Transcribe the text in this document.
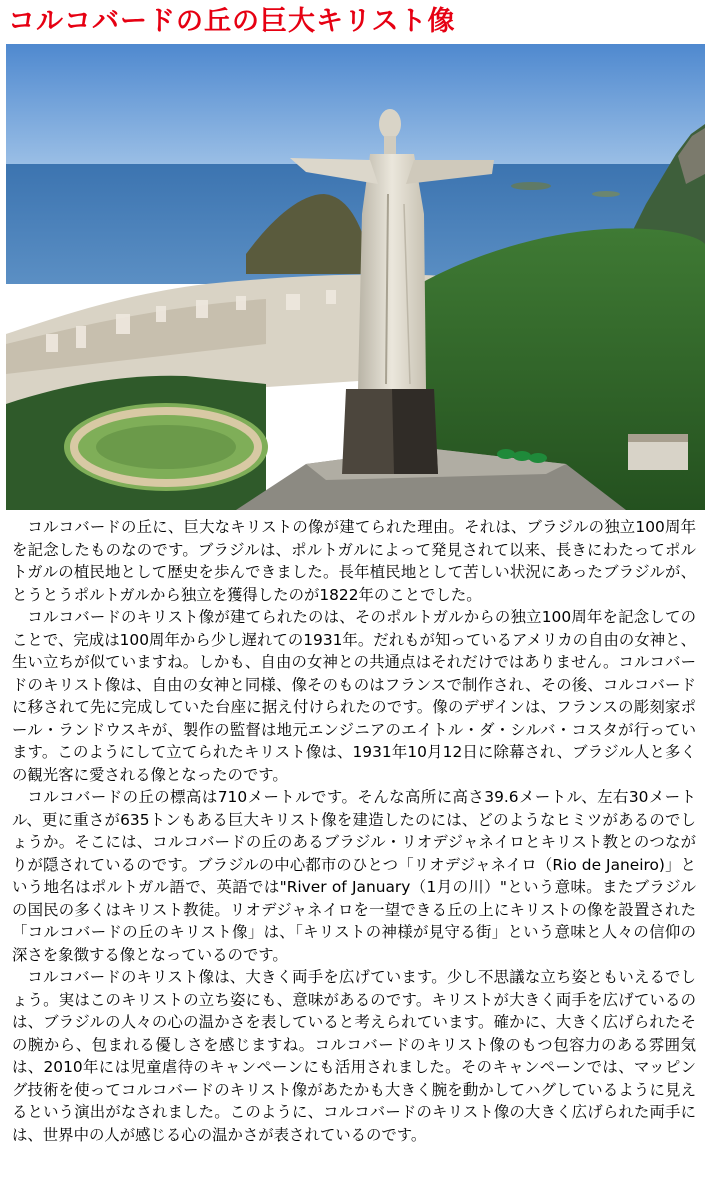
コルコバードの丘の巨大キリスト像

コルコバードの丘に、巨大なキリストの像が建てられた理由。それは、ブラジルの独立100周年を記念したものなのです。ブラジルは、ポルトガルによって発見されて以来、長きにわたってポルトガルの植民地として歴史を歩んできました。長年植民地として苦しい状況にあったブラジルが、とうとうポルトガルから独立を獲得したのが1822年のことでした。

コルコバードのキリスト像が建てられたのは、そのポルトガルからの独立100周年を記念してのことで、完成は100周年から少し遅れての1931年。だれもが知っているアメリカの自由の女神と、生い立ちが似ていますね。しかも、自由の女神との共通点はそれだけではありません。コルコバードのキリスト像は、自由の女神と同様、像そのものはフランスで制作され、その後、コルコバードに移されて先に完成していた台座に据え付けられたのです。像のデザインは、フランスの彫刻家ポール・ランドウスキが、製作の監督は地元エンジニアのエイトル・ダ・シルバ・コスタが行っています。このようにして立てられたキリスト像は、1931年10月12日に除幕され、ブラジル人と多くの観光客に愛される像となったのです。

コルコバードの丘の標高は710メートルです。そんな高所に高さ39.6メートル、左右30メートル、更に重さが635トンもある巨大キリスト像を建造したのには、どのようなヒミツがあるのでしょうか。そこには、コルコバードの丘のあるブラジル・リオデジャネイロとキリスト教とのつながりが隠されているのです。ブラジルの中心都市のひとつ「リオデジャネイロ（Rio de Janeiro)」という地名はポルトガル語で、英語では"River of January（1月の川）"という意味。またブラジルの国民の多くはキリスト教徒。リオデジャネイロを一望できる丘の上にキリストの像を設置された「コルコバードの丘のキリスト像」は、「キリストの神様が見守る街」という意味と人々の信仰の深さを象徴する像となっているのです。

コルコバードのキリスト像は、大きく両手を広げています。少し不思議な立ち姿ともいえるでしょう。実はこのキリストの立ち姿にも、意味があるのです。キリストが大きく両手を広げているのは、ブラジルの人々の心の温かさを表していると考えられています。確かに、大きく広げられたその腕から、包まれる優しさを感じますね。コルコバードのキリスト像のもつ包容力のある雰囲気は、2010年には児童虐待のキャンペーンにも活用されました。そのキャンペーンでは、マッピング技術を使ってコルコバードのキリスト像があたかも大きく腕を動かしてハグしているように見えるという演出がなされました。このように、コルコバードのキリスト像の大きく広げられた両手には、世界中の人が感じる心の温かさが表されているのです。
